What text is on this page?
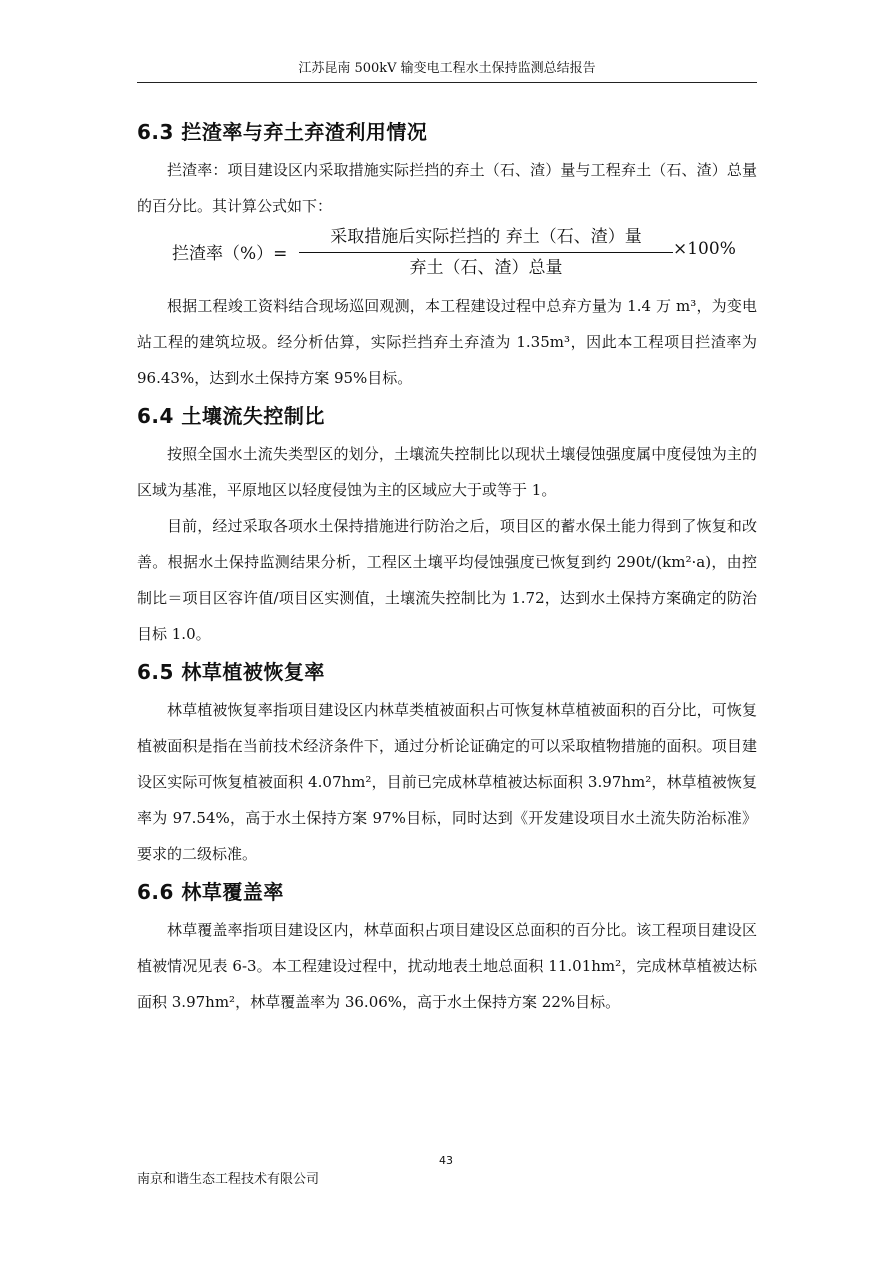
江苏昆南 500kV 输变电工程水土保持监测总结报告
6.3 拦渣率与弃土弃渣利用情况

拦渣率：项目建设区内采取措施实际拦挡的弃土（石、渣）量与工程弃土（石、渣）总量的百分比。其计算公式如下：

拦渣率（%）=
采取措施后实际拦挡的 弃土（石、渣）量
弃土（石、渣）总量
×100%

根据工程竣工资料结合现场巡回观测，本工程建设过程中总弃方量为 1.4 万 m³，为变电站工程的建筑垃圾。经分析估算，实际拦挡弃土弃渣为 1.35m³，因此本工程项目拦渣率为 96.43%，达到水土保持方案 95%目标。

6.4 土壤流失控制比

按照全国水土流失类型区的划分，土壤流失控制比以现状土壤侵蚀强度属中度侵蚀为主的区域为基准，平原地区以轻度侵蚀为主的区域应大于或等于 1。

目前，经过采取各项水土保持措施进行防治之后，项目区的蓄水保土能力得到了恢复和改善。根据水土保持监测结果分析，工程区土壤平均侵蚀强度已恢复到约 290t/(km²·a)，由控制比＝项目区容许值/项目区实测值，土壤流失控制比为 1.72，达到水土保持方案确定的防治目标 1.0。

6.5 林草植被恢复率

林草植被恢复率指项目建设区内林草类植被面积占可恢复林草植被面积的百分比，可恢复植被面积是指在当前技术经济条件下，通过分析论证确定的可以采取植物措施的面积。项目建设区实际可恢复植被面积 4.07hm²，目前已完成林草植被达标面积 3.97hm²，林草植被恢复率为 97.54%，高于水土保持方案 97%目标，同时达到《开发建设项目水土流失防治标准》要求的二级标准。

6.6 林草覆盖率

林草覆盖率指项目建设区内，林草面积占项目建设区总面积的百分比。该工程项目建设区植被情况见表 6-3。本工程建设过程中，扰动地表土地总面积 11.01hm²，完成林草植被达标面积 3.97hm²，林草覆盖率为 36.06%，高于水土保持方案 22%目标。

43
南京和谐生态工程技术有限公司
